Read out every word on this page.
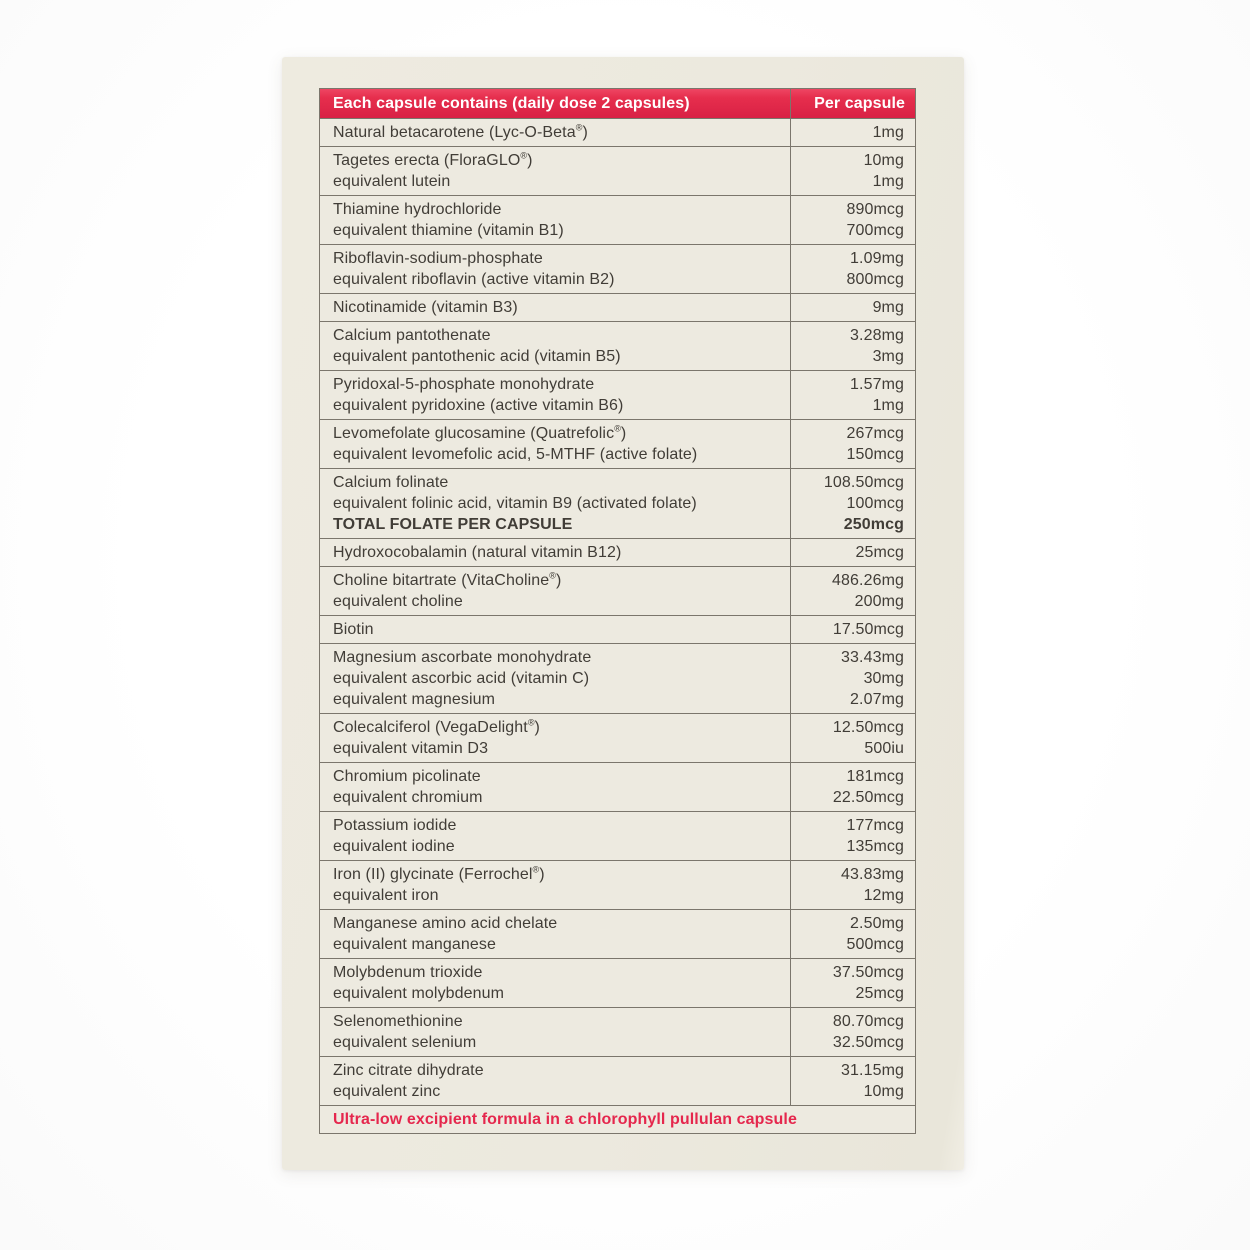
Each capsule contains (daily dose 2 capsules)	Per capsule
Natural betacarotene (Lyc-O-Beta®)	1mg
Tagetes erecta (FloraGLO®)	10mg
equivalent lutein	1mg
Thiamine hydrochloride	890mcg
equivalent thiamine (vitamin B1)	700mcg
Riboflavin-sodium-phosphate	1.09mg
equivalent riboflavin (active vitamin B2)	800mcg
Nicotinamide (vitamin B3)	9mg
Calcium pantothenate	3.28mg
equivalent pantothenic acid (vitamin B5)	3mg
Pyridoxal-5-phosphate monohydrate	1.57mg
equivalent pyridoxine (active vitamin B6)	1mg
Levomefolate glucosamine (Quatrefolic®)	267mcg
equivalent levomefolic acid, 5-MTHF (active folate)	150mcg
Calcium folinate	108.50mcg
equivalent folinic acid, vitamin B9 (activated folate)	100mcg
TOTAL FOLATE PER CAPSULE	250mcg
Hydroxocobalamin (natural vitamin B12)	25mcg
Choline bitartrate (VitaCholine®)	486.26mg
equivalent choline	200mg
Biotin	17.50mcg
Magnesium ascorbate monohydrate	33.43mg
equivalent ascorbic acid (vitamin C)	30mg
equivalent magnesium	2.07mg
Colecalciferol (VegaDelight®)	12.50mcg
equivalent vitamin D3	500iu
Chromium picolinate	181mcg
equivalent chromium	22.50mcg
Potassium iodide	177mcg
equivalent iodine	135mcg
Iron (II) glycinate (Ferrochel®)	43.83mg
equivalent iron	12mg
Manganese amino acid chelate	2.50mg
equivalent manganese	500mcg
Molybdenum trioxide	37.50mcg
equivalent molybdenum	25mcg
Selenomethionine	80.70mcg
equivalent selenium	32.50mcg
Zinc citrate dihydrate	31.15mg
equivalent zinc	10mg
Ultra-low excipient formula in a chlorophyll pullulan capsule
